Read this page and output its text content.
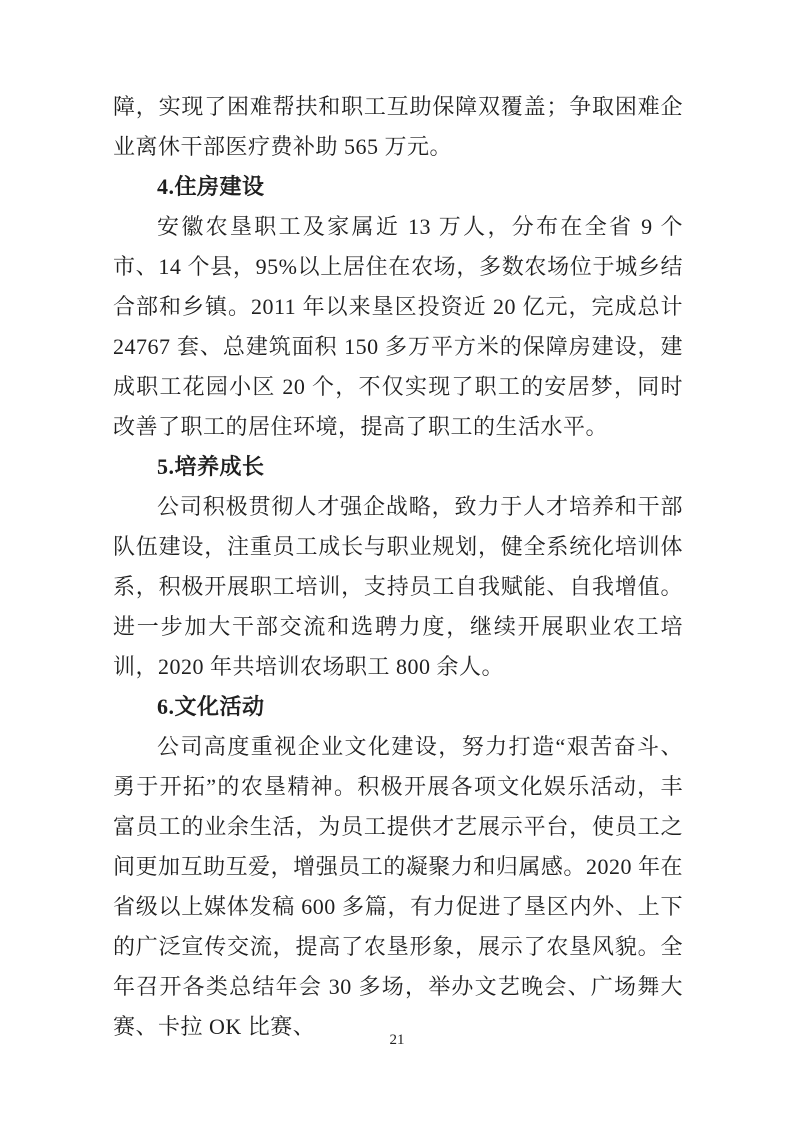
障，实现了困难帮扶和职工互助保障双覆盖；争取困难企业离休干部医疗费补助 565 万元。

4.住房建设

安徽农垦职工及家属近 13 万人，分布在全省 9 个市、14 个县，95%以上居住在农场，多数农场位于城乡结合部和乡镇。2011 年以来垦区投资近 20 亿元，完成总计 24767 套、总建筑面积 150 多万平方米的保障房建设，建成职工花园小区 20 个，不仅实现了职工的安居梦，同时改善了职工的居住环境，提高了职工的生活水平。

5.培养成长

公司积极贯彻人才强企战略，致力于人才培养和干部队伍建设，注重员工成长与职业规划，健全系统化培训体系，积极开展职工培训，支持员工自我赋能、自我增值。进一步加大干部交流和选聘力度，继续开展职业农工培训，2020 年共培训农场职工 800 余人。

6.文化活动

公司高度重视企业文化建设，努力打造“艰苦奋斗、勇于开拓”的农垦精神。积极开展各项文化娱乐活动，丰富员工的业余生活，为员工提供才艺展示平台，使员工之间更加互助互爱，增强员工的凝聚力和归属感。2020 年在省级以上媒体发稿 600 多篇，有力促进了垦区内外、上下的广泛宣传交流，提高了农垦形象，展示了农垦风貌。全年召开各类总结年会 30 多场，举办文艺晚会、广场舞大赛、卡拉 OK 比赛、

21
